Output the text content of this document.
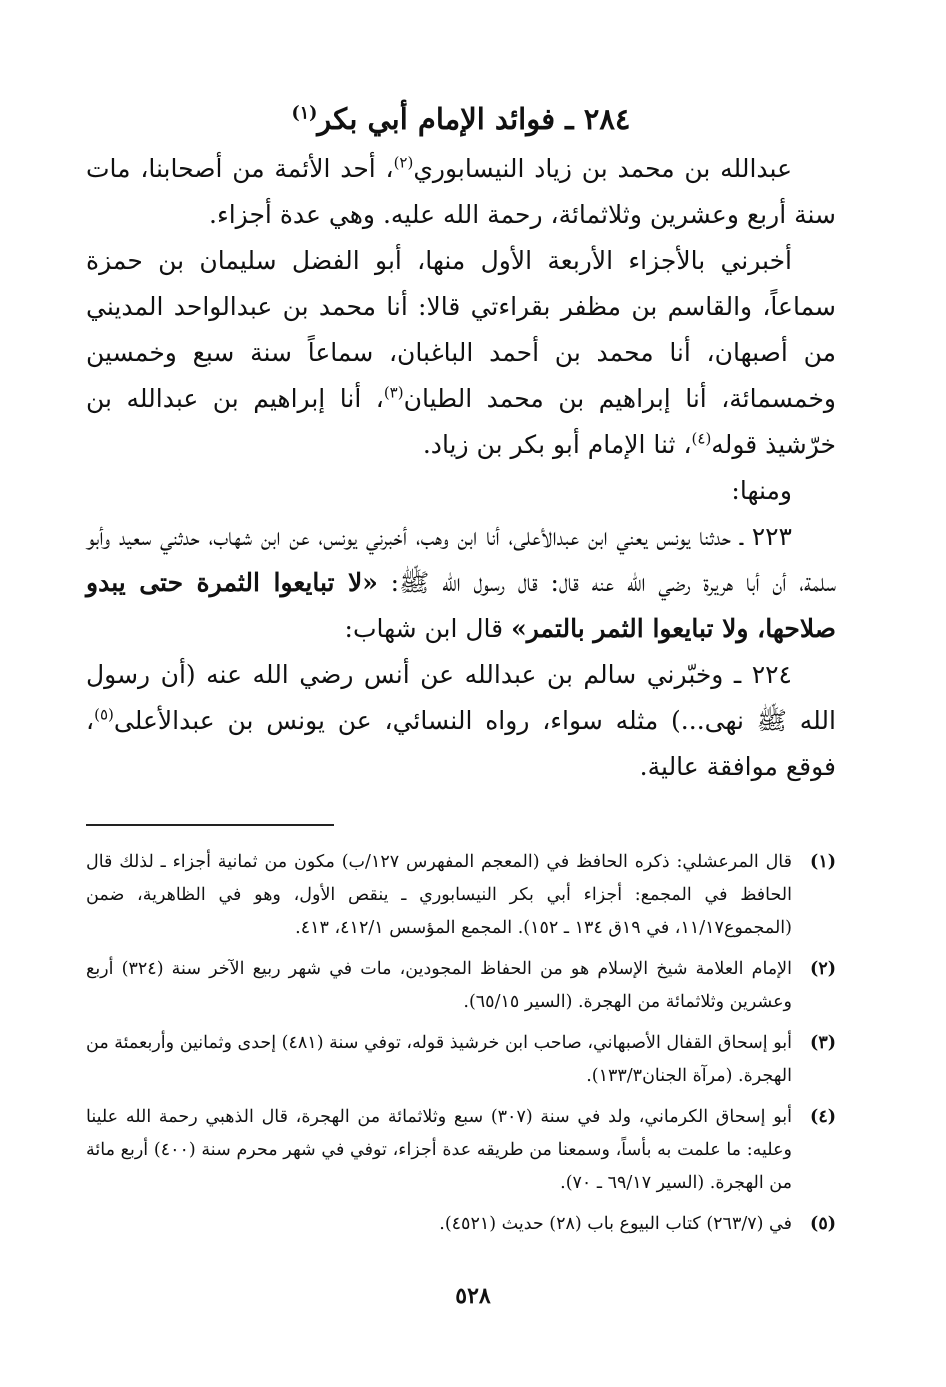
٢٨٤ ـ فوائد الإمام أبي بكر$^{(١)}$

عبدالله بن محمد بن زياد النيسابوري$^{(٢)}$، أحد الأئمة من أصحابنا، مات سنة أربع وعشرين وثلاثمائة، رحمة الله عليه. وهي عدة أجزاء.

أخبرني بالأجزاء الأربعة الأول منها، أبو الفضل سليمان بن حمزة سماعاً، والقاسم بن مظفر بقراءتي قالا: أنا محمد بن عبدالواحد المديني من أصبهان، أنا محمد بن أحمد الباغبان، سماعاً سنة سبع وخمسين وخمسمائة، أنا إبراهيم بن محمد الطيان$^{(٣)}$، أنا إبراهيم بن عبدالله بن خرّشيذ قوله$^{(٤)}$، ثنا الإمام أبو بكر بن زياد.

ومنها:

٢٢٣ ـ حدثنا يونس يعني ابن عبدالأعلى، أنا ابن وهب، أخبرني يونس، عن ابن شهاب، حدثني سعيد وأبو سلمة، أن أبا هريرة رضي الله عنه قال: قال رسول الله ﷺ: «لا تبايعوا الثمرة حتى يبدو صلاحها، ولا تبايعوا الثمر بالتمر» قال ابن شهاب:

٢٢٤ ـ وخبّرني سالم بن عبدالله عن أنس رضي الله عنه (أن رسول الله ﷺ نهى...) مثله سواء، رواه النسائي، عن يونس بن عبدالأعلى$^{(٥)}$، فوقع موافقة عالية.

(١)
قال المرعشلي: ذكره الحافظ في (المعجم المفهرس ١٢٧/ب) مكون من ثمانية أجزاء ـ لذلك قال الحافظ في المجمع: أجزاء أبي بكر النيسابوري ـ ينقص الأول، وهو في الظاهرية، ضمن (المجموع١١/١٧، في ١٩ق ١٣٤ ـ ١٥٢). المجمع المؤسس ٤١٢/١، ٤١٣.
(٢)
الإمام العلامة شيخ الإسلام هو من الحفاظ المجودين، مات في شهر ربيع الآخر سنة (٣٢٤) أربع وعشرين وثلاثمائة من الهجرة. (السير ٦٥/١٥).
(٣)
أبو إسحاق القفال الأصبهاني، صاحب ابن خرشيذ قوله، توفي سنة (٤٨١) إحدى وثمانين وأربعمئة من الهجرة. (مرآة الجنان١٣٣/٣).
(٤)
أبو إسحاق الكرماني، ولد في سنة (٣٠٧) سبع وثلاثمائة من الهجرة، قال الذهبي رحمة الله علينا وعليه: ما علمت به بأساً، وسمعنا من طريقه عدة أجزاء، توفي في شهر محرم سنة (٤٠٠) أربع مائة من الهجرة. (السير ٦٩/١٧ ـ ٧٠).
(٥)
في (٢٦٣/٧) كتاب البيوع باب (٢٨) حديث (٤٥٢١).
٥٢٨
